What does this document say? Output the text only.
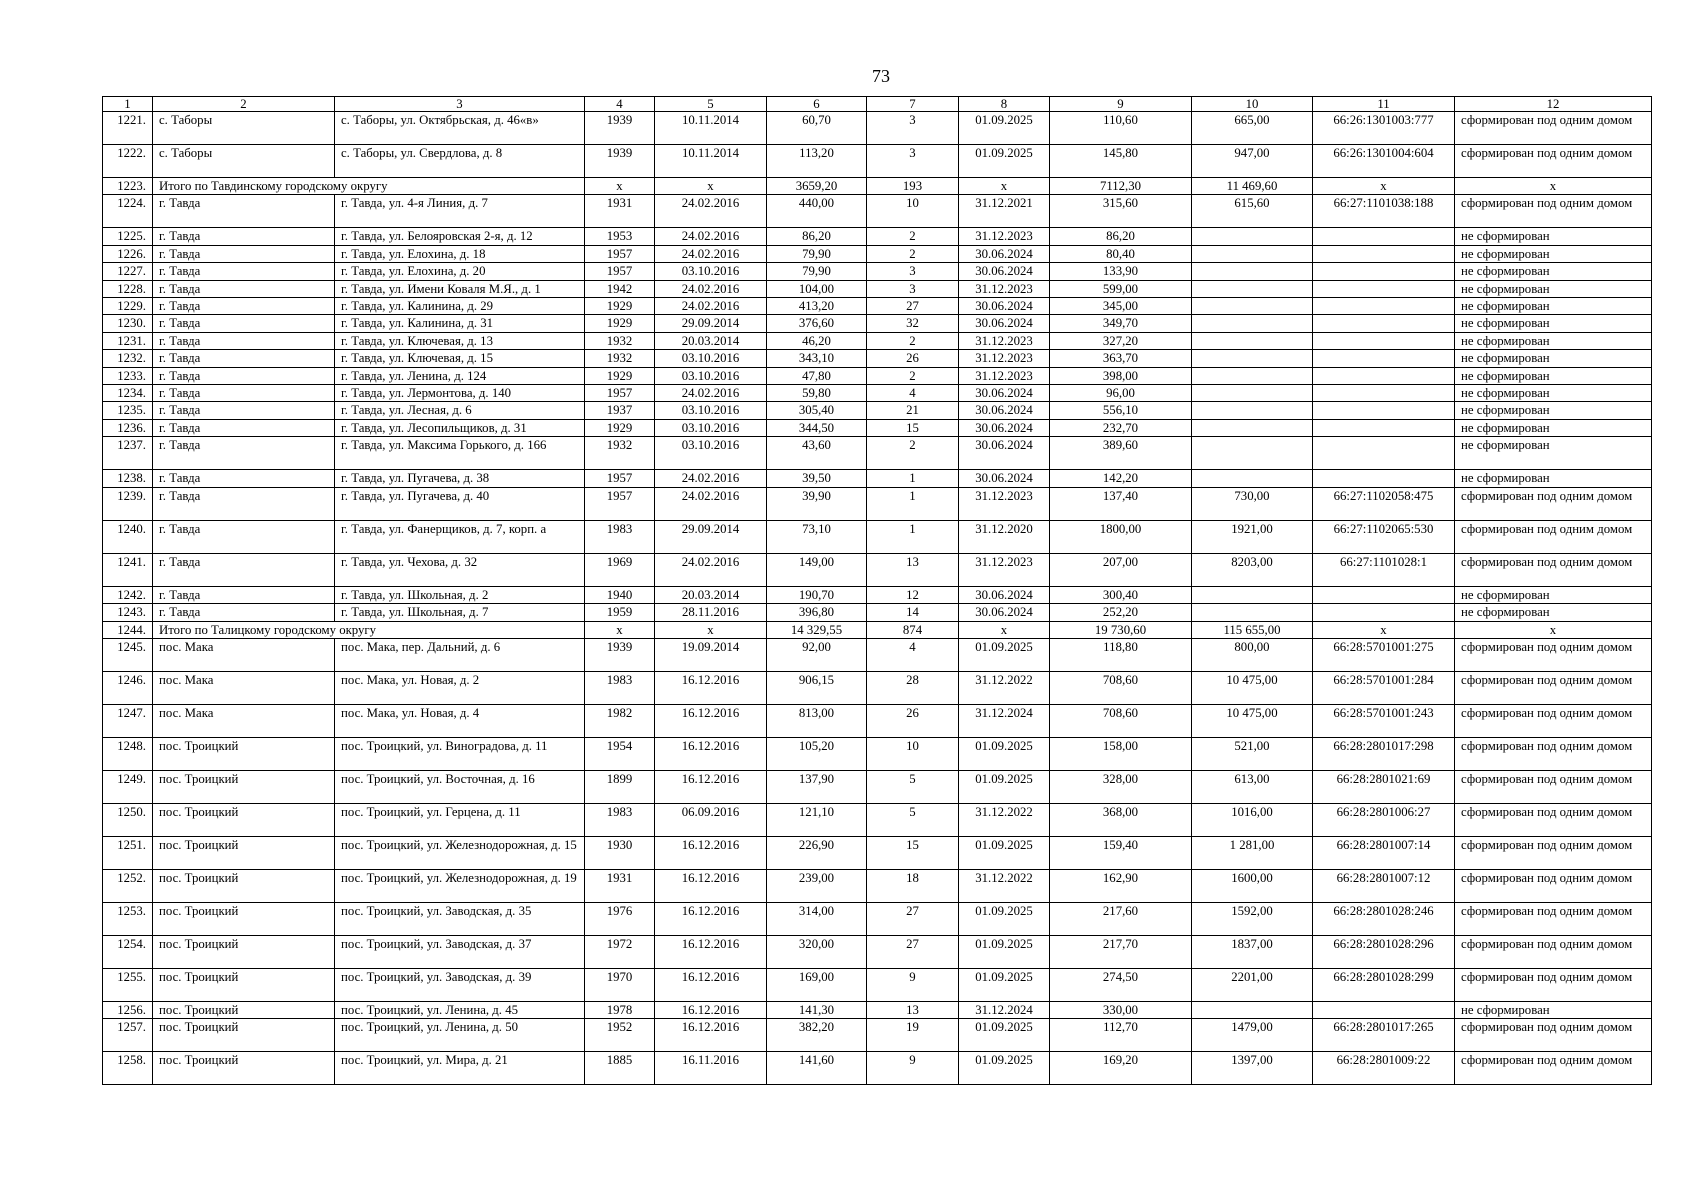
73
1	2	3	4	5	6	7	8	9	10	11	12
1221.	с. Таборы	с. Таборы, ул. Октябрьская, д. 46«в»	1939	10.11.2014	60,70	3	01.09.2025	110,60	665,00	66:26:1301003:777	сформирован под одним домом
1222.	с. Таборы	с. Таборы, ул. Свердлова, д. 8	1939	10.11.2014	113,20	3	01.09.2025	145,80	947,00	66:26:1301004:604	сформирован под одним домом
1223.	Итого по Тавдинскому городскому округу		х	х	3659,20	193	х	7112,30	11 469,60	х	х
1224.	г. Тавда	г. Тавда, ул. 4-я Линия, д. 7	1931	24.02.2016	440,00	10	31.12.2021	315,60	615,60	66:27:1101038:188	сформирован под одним домом
1225.	г. Тавда	г. Тавда, ул. Белояровская 2-я, д. 12	1953	24.02.2016	86,20	2	31.12.2023	86,20			не сформирован
1226.	г. Тавда	г. Тавда, ул. Елохина, д. 18	1957	24.02.2016	79,90	2	30.06.2024	80,40			не сформирован
1227.	г. Тавда	г. Тавда, ул. Елохина, д. 20	1957	03.10.2016	79,90	3	30.06.2024	133,90			не сформирован
1228.	г. Тавда	г. Тавда, ул. Имени Ковaля М.Я., д. 1	1942	24.02.2016	104,00	3	31.12.2023	599,00			не сформирован
1229.	г. Тавда	г. Тавда, ул. Калинина, д. 29	1929	24.02.2016	413,20	27	30.06.2024	345,00			не сформирован
1230.	г. Тавда	г. Тавда, ул. Калинина, д. 31	1929	29.09.2014	376,60	32	30.06.2024	349,70			не сформирован
1231.	г. Тавда	г. Тавда, ул. Ключевая, д. 13	1932	20.03.2014	46,20	2	31.12.2023	327,20			не сформирован
1232.	г. Тавда	г. Тавда, ул. Ключевая, д. 15	1932	03.10.2016	343,10	26	31.12.2023	363,70			не сформирован
1233.	г. Тавда	г. Тавда, ул. Ленина, д. 124	1929	03.10.2016	47,80	2	31.12.2023	398,00			не сформирован
1234.	г. Тавда	г. Тавда, ул. Лермонтова, д. 140	1957	24.02.2016	59,80	4	30.06.2024	96,00			не сформирован
1235.	г. Тавда	г. Тавда, ул. Лесная, д. 6	1937	03.10.2016	305,40	21	30.06.2024	556,10			не сформирован
1236.	г. Тавда	г. Тавда, ул. Лесопильщиков, д. 31	1929	03.10.2016	344,50	15	30.06.2024	232,70			не сформирован
1237.	г. Тавда	г. Тавда, ул. Максима Горького, д. 166	1932	03.10.2016	43,60	2	30.06.2024	389,60			не сформирован
1238.	г. Тавда	г. Тавда, ул. Пугачева, д. 38	1957	24.02.2016	39,50	1	30.06.2024	142,20			не сформирован
1239.	г. Тавда	г. Тавда, ул. Пугачева, д. 40	1957	24.02.2016	39,90	1	31.12.2023	137,40	730,00	66:27:1102058:475	сформирован под одним домом
1240.	г. Тавда	г. Тавда, ул. Фанерщиков, д. 7, корп. а	1983	29.09.2014	73,10	1	31.12.2020	1800,00	1921,00	66:27:1102065:530	сформирован под одним домом
1241.	г. Тавда	г. Тавда, ул. Чехова, д. 32	1969	24.02.2016	149,00	13	31.12.2023	207,00	8203,00	66:27:1101028:1	сформирован под одним домом
1242.	г. Тавда	г. Тавда, ул. Школьная, д. 2	1940	20.03.2014	190,70	12	30.06.2024	300,40			не сформирован
1243.	г. Тавда	г. Тавда, ул. Школьная, д. 7	1959	28.11.2016	396,80	14	30.06.2024	252,20			не сформирован
1244.	Итого по Талицкому городскому округу		х	х	14 329,55	874	х	19 730,60	115 655,00	х	х
1245.	пос. Мака	пос. Мака, пер. Дальний, д. 6	1939	19.09.2014	92,00	4	01.09.2025	118,80	800,00	66:28:5701001:275	сформирован под одним домом
1246.	пос. Мака	пос. Мака, ул. Новая, д. 2	1983	16.12.2016	906,15	28	31.12.2022	708,60	10 475,00	66:28:5701001:284	сформирован под одним домом
1247.	пос. Мака	пос. Мака, ул. Новая, д. 4	1982	16.12.2016	813,00	26	31.12.2024	708,60	10 475,00	66:28:5701001:243	сформирован под одним домом
1248.	пос. Троицкий	пос. Троицкий, ул. Виноградова, д. 11	1954	16.12.2016	105,20	10	01.09.2025	158,00	521,00	66:28:2801017:298	сформирован под одним домом
1249.	пос. Троицкий	пос. Троицкий, ул. Восточная, д. 16	1899	16.12.2016	137,90	5	01.09.2025	328,00	613,00	66:28:2801021:69	сформирован под одним домом
1250.	пос. Троицкий	пос. Троицкий, ул. Герцена, д. 11	1983	06.09.2016	121,10	5	31.12.2022	368,00	1016,00	66:28:2801006:27	сформирован под одним домом
1251.	пос. Троицкий	пос. Троицкий, ул. Железнодорожная, д. 15	1930	16.12.2016	226,90	15	01.09.2025	159,40	1 281,00	66:28:2801007:14	сформирован под одним домом
1252.	пос. Троицкий	пос. Троицкий, ул. Железнодорожная, д. 19	1931	16.12.2016	239,00	18	31.12.2022	162,90	1600,00	66:28:2801007:12	сформирован под одним домом
1253.	пос. Троицкий	пос. Троицкий, ул. Заводская, д. 35	1976	16.12.2016	314,00	27	01.09.2025	217,60	1592,00	66:28:2801028:246	сформирован под одним домом
1254.	пос. Троицкий	пос. Троицкий, ул. Заводская, д. 37	1972	16.12.2016	320,00	27	01.09.2025	217,70	1837,00	66:28:2801028:296	сформирован под одним домом
1255.	пос. Троицкий	пос. Троицкий, ул. Заводская, д. 39	1970	16.12.2016	169,00	9	01.09.2025	274,50	2201,00	66:28:2801028:299	сформирован под одним домом
1256.	пос. Троицкий	пос. Троицкий, ул. Ленина, д. 45	1978	16.12.2016	141,30	13	31.12.2024	330,00			не сформирован
1257.	пос. Троицкий	пос. Троицкий, ул. Ленина, д. 50	1952	16.12.2016	382,20	19	01.09.2025	112,70	1479,00	66:28:2801017:265	сформирован под одним домом
1258.	пос. Троицкий	пос. Троицкий, ул. Мира, д. 21	1885	16.11.2016	141,60	9	01.09.2025	169,20	1397,00	66:28:2801009:22	сформирован под одним домом
